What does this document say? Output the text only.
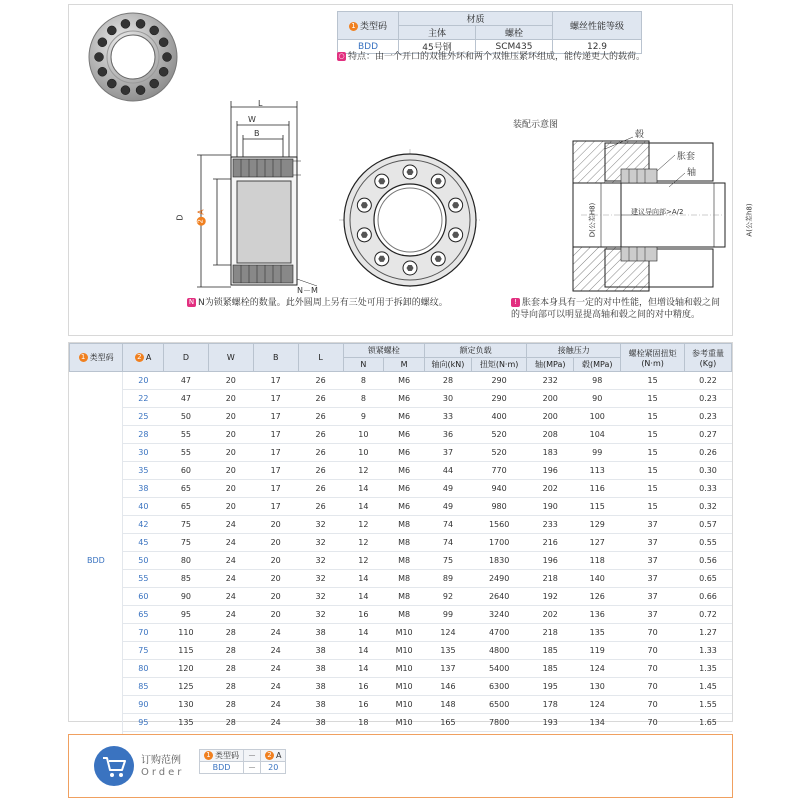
1 类型码	材质		螺丝性能等级
	主体	螺栓	
BDD	45号钢	SCM435	12.9
○ 特点：由一个开口的双锥外环和两个双锥压紧环组成，能传递更大的载荷。
L
W
B
D
2A
N－M
装配示意图
毂
胀套
轴
D(公差H8)	A(公差h8)
建议导向部>A/2
N N为锁紧螺栓的数量。此外圆周上另有三处可用于拆卸的螺纹。	! 胀套本身具有一定的对中性能，但增设轴和毂之间的导向部可以明显提高轴和毂之间的对中精度。
1 类型码	2 A	D	W	B	L	锁紧螺栓		额定负载		接触压力		螺栓紧固扭矩
(N·m)	参考重量
(Kg)
						N	M	轴向(kN)	扭矩(N·m)	轴(MPa)	毂(MPa)		
BDD	20	47	20	17	26	8	M6	28	290	232	98	15	0.22
	22	47	20	17	26	8	M6	30	290	200	90	15	0.23
	25	50	20	17	26	9	M6	33	400	200	100	15	0.23
	28	55	20	17	26	10	M6	36	520	208	104	15	0.27
	30	55	20	17	26	10	M6	37	520	183	99	15	0.26
	35	60	20	17	26	12	M6	44	770	196	113	15	0.30
	38	65	20	17	26	14	M6	49	940	202	116	15	0.33
	40	65	20	17	26	14	M6	49	980	190	115	15	0.32
	42	75	24	20	32	12	M8	74	1560	233	129	37	0.57
	45	75	24	20	32	12	M8	74	1700	216	127	37	0.55
	50	80	24	20	32	12	M8	75	1830	196	118	37	0.56
	55	85	24	20	32	14	M8	89	2490	218	140	37	0.65
	60	90	24	20	32	14	M8	92	2640	192	126	37	0.66
	65	95	24	20	32	16	M8	99	3240	202	136	37	0.72
	70	110	28	24	38	14	M10	124	4700	218	135	70	1.27
	75	115	28	24	38	14	M10	135	4800	185	119	70	1.33
	80	120	28	24	38	14	M10	137	5400	185	124	70	1.35
	85	125	28	24	38	16	M10	146	6300	195	130	70	1.45
	90	130	28	24	38	16	M10	148	6500	178	124	70	1.55
	95	135	28	24	38	18	M10	165	7800	193	134	70	1.65

订购范例
Order
1 类型码	－	2 A
BDD	－	20
